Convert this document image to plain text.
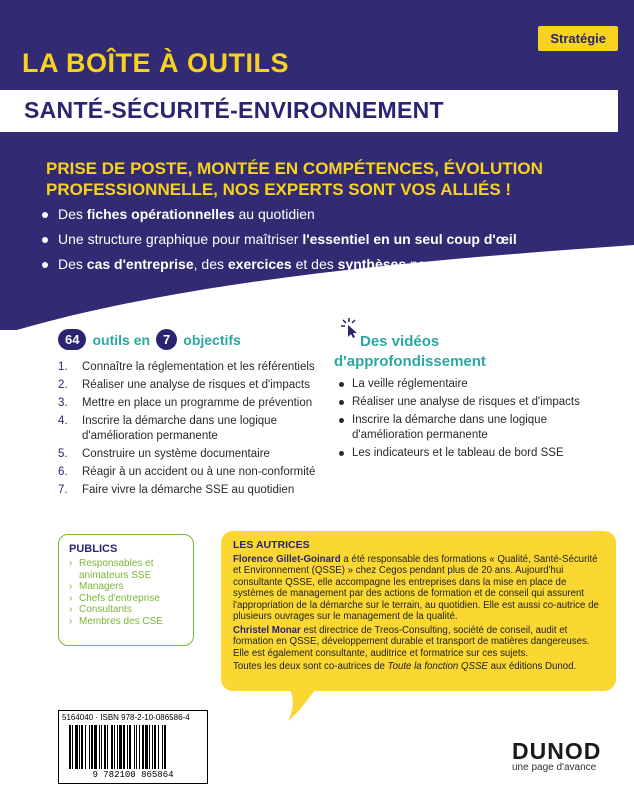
Stratégie
LA BOÎTE À OUTILS
SANTÉ-SÉCURITÉ-ENVIRONNEMENT
PRISE DE POSTE, MONTÉE EN COMPÉTENCES, ÉVOLUTION PROFESSIONNELLE, NOS EXPERTS SONT VOS ALLIÉS !
Des fiches opérationnelles au quotidien
Une structure graphique pour maîtriser l'essentiel en un seul coup d'œil
Des cas d'entreprise, des exercices et des synthèses pour passer à l'action
64 outils en	7 objectifs
1.	Connaître la réglementation et les référentiels
2.	Réaliser une analyse de risques et d'impacts
3.	Mettre en place un programme de prévention
4.	Inscrire la démarche dans une logique d'amélioration permanente
5.	Construire un système documentaire
6.	Réagir à un accident ou à une non-conformité
7.	Faire vivre la démarche SSE au quotidien
Des vidéos
d'approfondissement
La veille réglementaire
Réaliser une analyse de risques et d'impacts
Inscrire la démarche dans une logique d'amélioration permanente
Les indicateurs et le tableau de bord SSE
PUBLICS
› Responsables et animateurs SSE
› Managers
› Chefs d'entreprise
› Consultants
› Membres des CSE
LES AUTRICES

Florence Gillet-Goinard a été responsable des formations « Qualité, Santé-Sécurité et Environnement (QSSE) » chez Cegos pendant plus de 20 ans. Aujourd'hui consultante QSSE, elle accompagne les entreprises dans la mise en place de systèmes de management par des actions de formation et de conseil qui assurent l'appropriation de la démarche sur le terrain, au quotidien. Elle est aussi co-autrice de plusieurs ouvrages sur le management de la qualité.

Christel Monar est directrice de Treos-Consulting, société de conseil, audit et formation en QSSE, développement durable et transport de matières dangereuses. Elle est également consultante, auditrice et formatrice sur ces sujets.

Toutes les deux sont co-autrices de Toute la fonction QSSE aux éditions Dunod.

5164040 · ISBN 978-2-10-086586-4
9 782100 865864
DUNOD
une page d'avance
